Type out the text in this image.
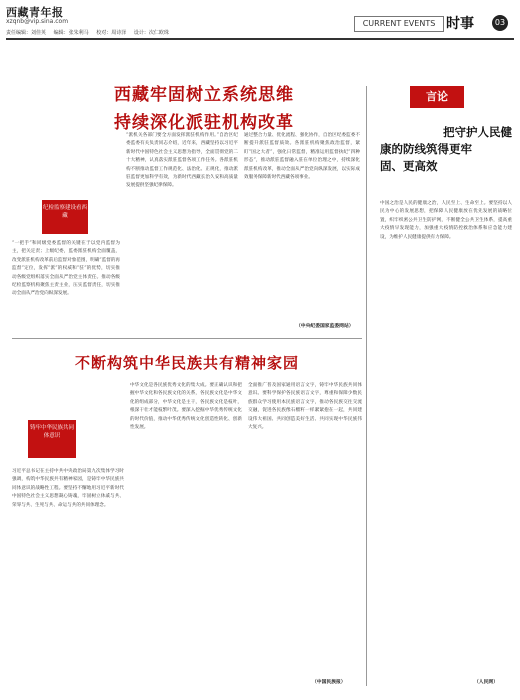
西藏青年报
xzqnb@vip.sina.com
责任编辑：刘佳英 编辑：张朱利马 校对：周诗泽 设计：次仁欧珠
CURRENT EVENTS 时事	03
西藏牢固树立系统思维
持续深化派驻机构改革
纪检监察建设看西藏
“一把手”和同级党委监督的关键在于以党内监督为主，把关定责；上级纪委，监委派驻机构全面覆盖，改变派驻机构改革前后监督对象范围，明确“监督的再监督”定位，发挥“派”的权威和“驻”的优势，切实推动各级党组织落实全面从严治党主体责任。推动各级纪检监察机构聚焦主责主业，压实监督责任，切实推动全面从严治党向纵深发展。
“派机关各部门要全方面发挥派驻机构作用。”自治区纪委监委有关负责同志介绍，近年来，西藏坚持以习近平新时代中国特色社会主义思想为指导，全面贯彻党的二十大精神，认真落实派驻监督各项工作任务。各派驻机构不断推动监督工作规范化、法治化、正规化，推动派驻监督更加科学有效，为新时代西藏长治久安和高质量发展提供坚强纪律保障。
通过整合力量、优化流程、强化协作，自治区纪委监委不断提升派驻监督质效。各派驻机构聚焦政治监督，紧盯“国之大者”，强化日常监督，精准运用监督执纪“四种形态”，推动派驻监督融入驻在单位治理之中，持续深化派驻机构改革，推动全面从严治党向纵深发展，以实际成效服务保障新时代西藏各项事业。
（中央纪委国家监委网站）
不断构筑中华民族共有精神家园
铸牢中华民族共同体意识
习近平总书记在主持中共中央政治局第九次集体学习时强调，构筑中华民族共有精神家园，是铸牢中华民族共同体意识的战略性工程。要坚持不懈地用习近平新时代中国特色社会主义思想凝心铸魂，牢固树立休戚与共、荣辱与共、生死与共、命运与共的共同体理念。
中华文化是各民族优秀文化的集大成。要正确认识和把握中华文化和各民族文化的关系，各民族文化是中华文化的组成部分，中华文化是主干，各民族文化是枝叶，根深干壮才能枝繁叶茂。要深入挖掘中华优秀传统文化的时代价值，推动中华优秀传统文化创造性转化、创新性发展。
全面推广普及国家通用语言文字，铸牢中华民族共同体意识。要科学保护各民族语言文字，尊重和保障少数民族群众学习使用本民族语言文字，推动各民族交往交流交融，促进各民族像石榴籽一样紧紧抱在一起，共同建设伟大祖国、共同创造美好生活、共同实现中华民族伟大复兴。
（中国民族报）
言论
把守护人民健
康的防线筑得更牢
固、更高效
中国之治是人民的健康之治，人民至上、生命至上。要坚持以人民为中心的发展思想，把保障人民健康放在优先发展的战略位置，织牢织密公共卫生防护网，不断健全公共卫生体系，提高重大疫情早发现能力，加强重大疫情防控救治体系和应急能力建设，为维护人民健康提供有力保障。
（人民网）
